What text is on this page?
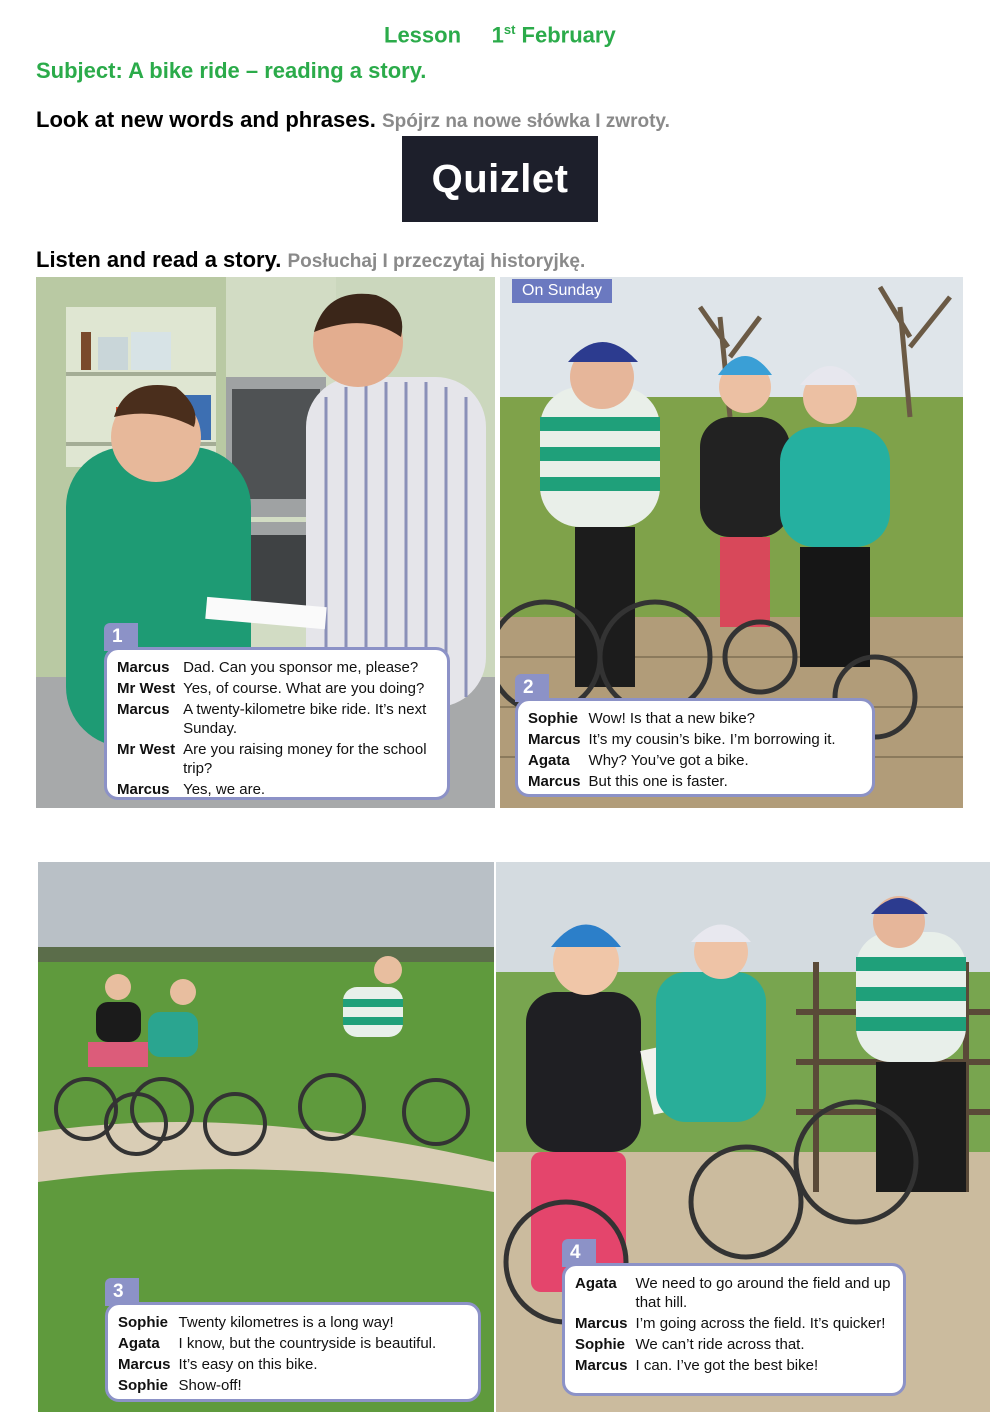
Lesson 1st February
Subject: A bike ride – reading a story.
Look at new words and phrases. Spójrz na nowe słówka I zwroty.
Quizlet
Listen and read a story. Posłuchaj I przeczytaj historyjkę.
1
Marcus	Dad. Can you sponsor me, please?
Mr West	Yes, of course. What are you doing?
Marcus	A twenty-kilometre bike ride. It’s next Sunday.
Mr West	Are you raising money for the school trip?
Marcus	Yes, we are.
On Sunday
2
Sophie	Wow! Is that a new bike?
Marcus	It’s my cousin’s bike. I’m borrowing it.
Agata	Why? You’ve got a bike.
Marcus	But this one is faster.
3
Sophie	Twenty kilometres is a long way!
Agata	I know, but the countryside is beautiful.
Marcus	It’s easy on this bike.
Sophie	Show-off!
4
Agata	We need to go around the field and up that hill.
Marcus	I’m going across the field. It’s quicker!
Sophie	We can’t ride across that.
Marcus	I can. I’ve got the best bike!
